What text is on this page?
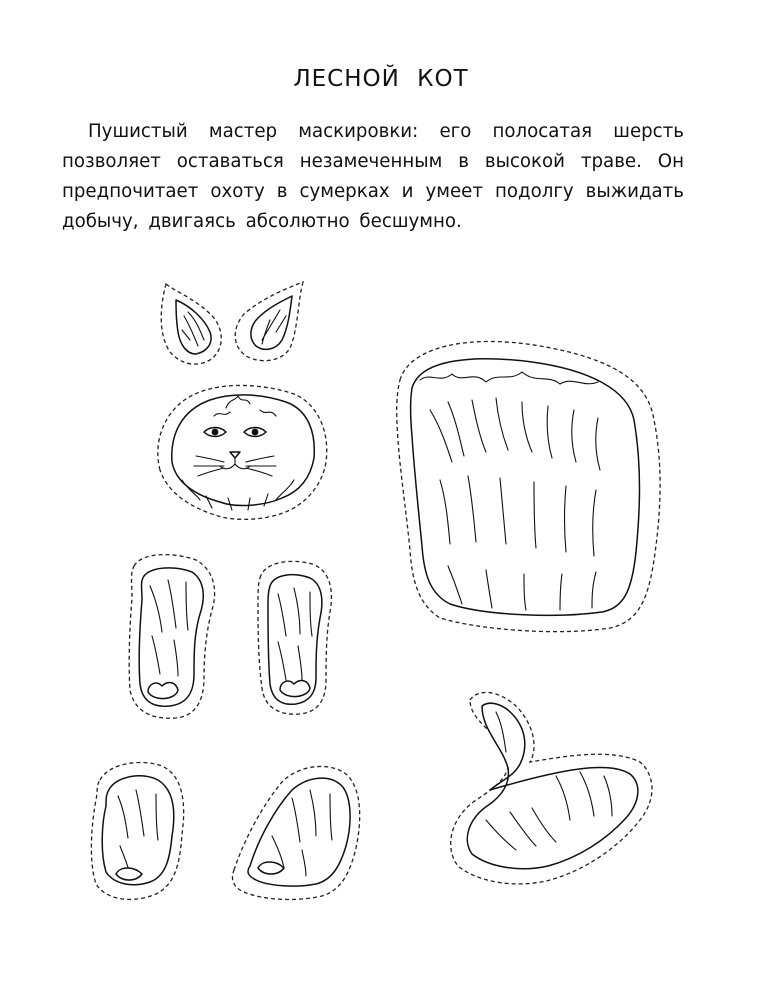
ЛЕСНОЙ КОТ

Пушистый мастер маскировки: его полосатая шерсть позволяет оставаться незамеченным в высокой траве. Он предпочитает охоту в сумерках и умеет подолгу выжидать добычу, двигаясь абсолютно бесшумно.
